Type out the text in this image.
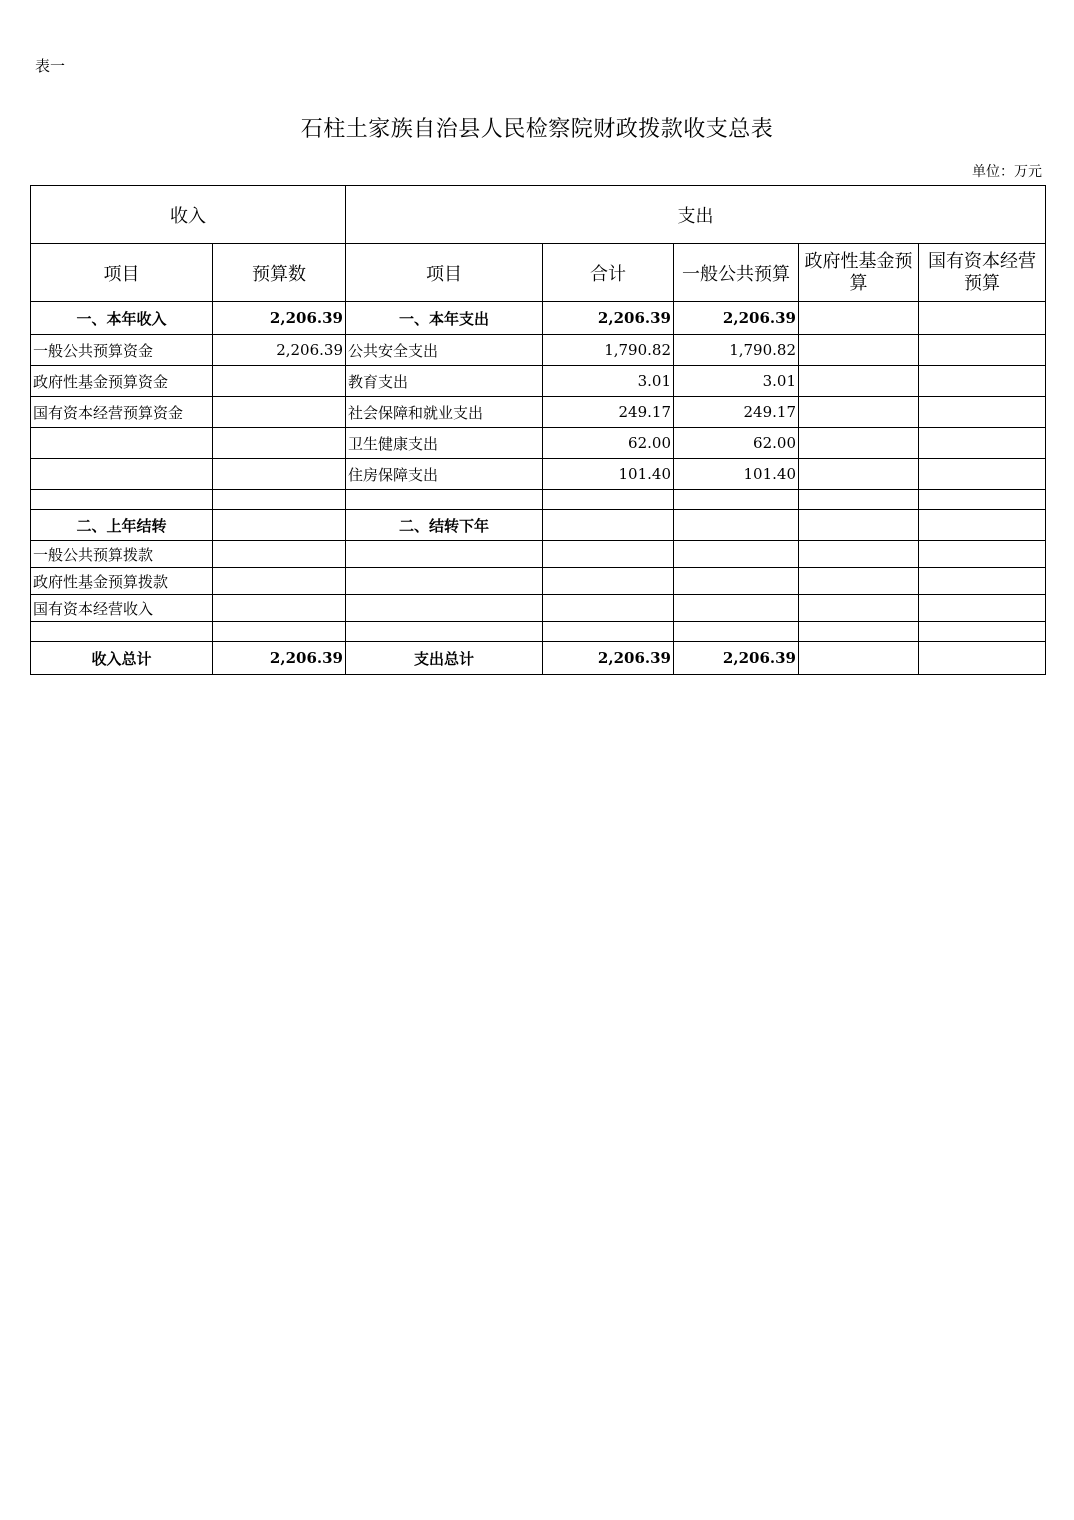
表一
石柱土家族自治县人民检察院财政拨款收支总表
单位：万元
收入		支出				
项目	预算数	项目	合计	一般公共预算	政府性基金预算	国有资本经营预算
一、本年收入	2,206.39	一、本年支出	2,206.39	2,206.39		
一般公共预算资金	2,206.39	公共安全支出	1,790.82	1,790.82		
政府性基金预算资金		教育支出	3.01	3.01		
国有资本经营预算资金		社会保障和就业支出	249.17	249.17		
		卫生健康支出	62.00	62.00		
		住房保障支出	101.40	101.40		

二、上年结转		二、结转下年				
一般公共预算拨款						
政府性基金预算拨款						
国有资本经营收入						

收入总计	2,206.39	支出总计	2,206.39	2,206.39		
